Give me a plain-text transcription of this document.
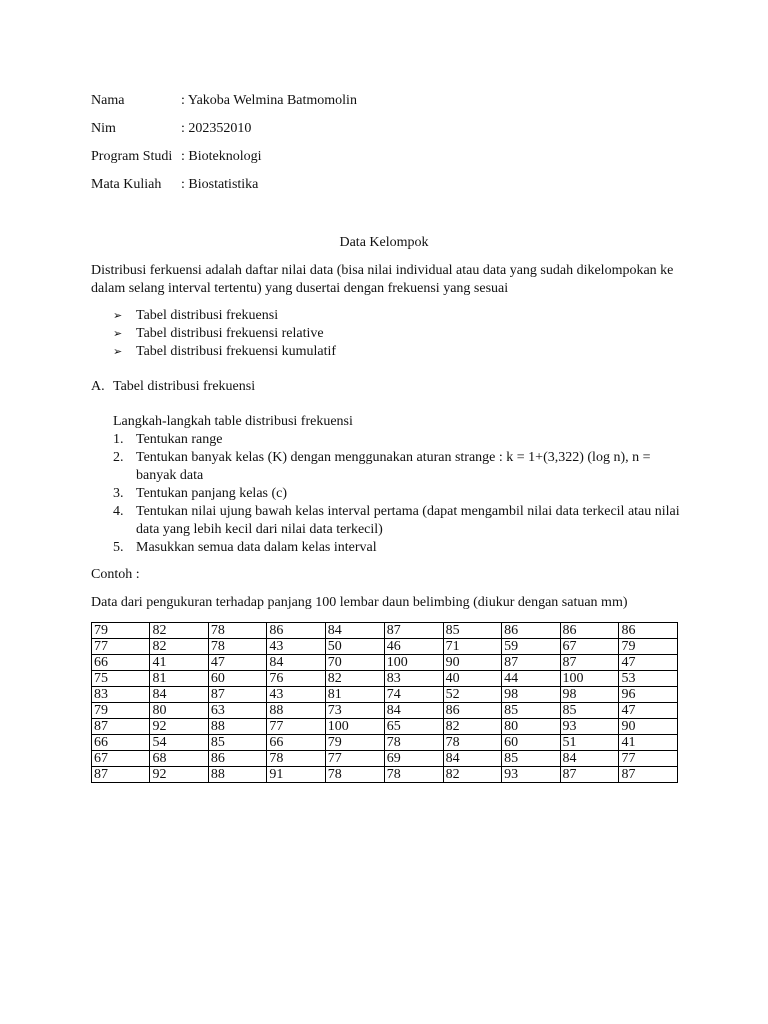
Nama	: Yakoba Welmina Batmomolin
Nim	: 202352010
Program Studi : Bioteknologi
Mata Kuliah : Biostatistika
Data Kelompok
Distribusi ferkuensi adalah daftar nilai data (bisa nilai individual atau data yang sudah dikelompokan ke dalam selang interval tertentu) yang dusertai dengan frekuensi yang sesuai
➢ Tabel distribusi frekuensi
➢ Tabel distribusi frekuensi relative
➢ Tabel distribusi frekuensi kumulatif
A. Tabel distribusi frekuensi
Langkah-langkah table distribusi frekuensi
1. Tentukan range
2. Tentukan banyak kelas (K) dengan menggunakan aturan strange : k = 1+(3,322) (log n), n = banyak data
3. Tentukan panjang kelas (c)
4. Tentukan nilai ujung bawah kelas interval pertama (dapat mengambil nilai data terkecil atau nilai data yang lebih kecil dari nilai data terkecil)
5. Masukkan semua data dalam kelas interval
Contoh :
Data dari pengukuran terhadap panjang 100 lembar daun belimbing (diukur dengan satuan mm)
79	82	78	86	84	87	85	86	86	86
77	82	78	43	50	46	71	59	67	79
66	41	47	84	70	100	90	87	87	47
75	81	60	76	82	83	40	44	100	53
83	84	87	43	81	74	52	98	98	96
79	80	63	88	73	84	86	85	85	47
87	92	88	77	100	65	82	80	93	90
66	54	85	66	79	78	78	60	51	41
67	68	86	78	77	69	84	85	84	77
87	92	88	91	78	78	82	93	87	87
